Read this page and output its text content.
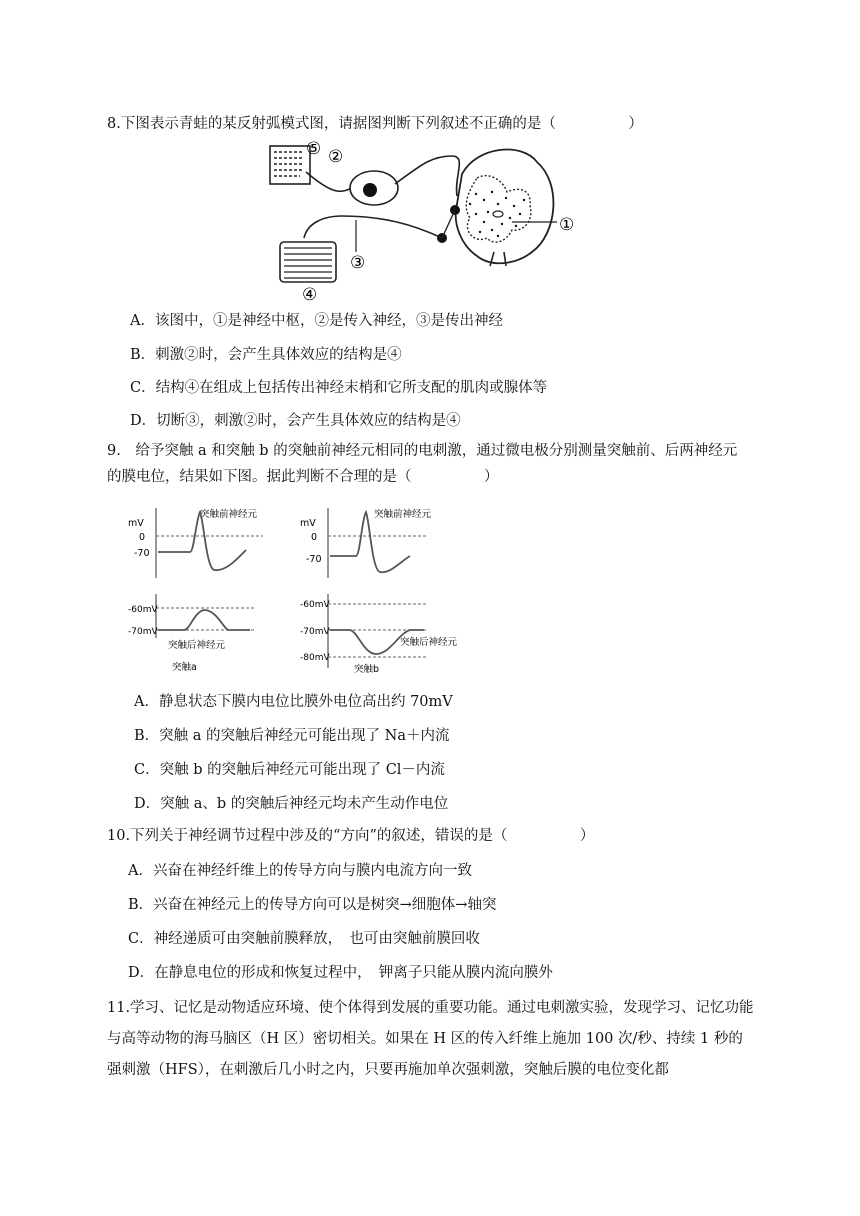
8.下图表示青蛙的某反射弧模式图，请据图判断下列叙述不正确的是（　　　　　）
⑤ ②
③
①
④
A．该图中，①是神经中枢，②是传入神经，③是传出神经
B．刺激②时，会产生具体效应的结构是④
C．结构④在组成上包括传出神经末梢和它所支配的肌肉或腺体等
D．切断③，刺激②时，会产生具体效应的结构是④
9.　给予突触 a 和突触 b 的突触前神经元相同的电刺激，通过微电极分别测量突触前、后两神经元
的膜电位，结果如下图。据此判断不合理的是（　　　　　）
mV
0
-70
突触前神经元
mV
0
-70
突触前神经元
-60mV
-70mV
突触后神经元
突触a
-60mV
-70mV
-80mV
突触后神经元
突触b
A．静息状态下膜内电位比膜外电位高出约 70mV
B．突触 a 的突触后神经元可能出现了 Na＋内流
C．突触 b 的突触后神经元可能出现了 Cl－内流
D．突触 a、b 的突触后神经元均未产生动作电位
10.下列关于神经调节过程中涉及的“方向”的叙述，错误的是（　　　　　）
A．兴奋在神经纤维上的传导方向与膜内电流方向一致
B．兴奋在神经元上的传导方向可以是树突→细胞体→轴突
C．神经递质可由突触前膜释放，　也可由突触前膜回收
D．在静息电位的形成和恢复过程中，　钾离子只能从膜内流向膜外
11.学习、记忆是动物适应环境、使个体得到发展的重要功能。通过电刺激实验，发现学习、记忆功能与高等动物的海马脑区（H 区）密切相关。如果在 H 区的传入纤维上施加 100 次/秒、持续 1 秒的强刺激（HFS），在刺激后几小时之内，只要再施加单次强刺激，突触后膜的电位变化都
